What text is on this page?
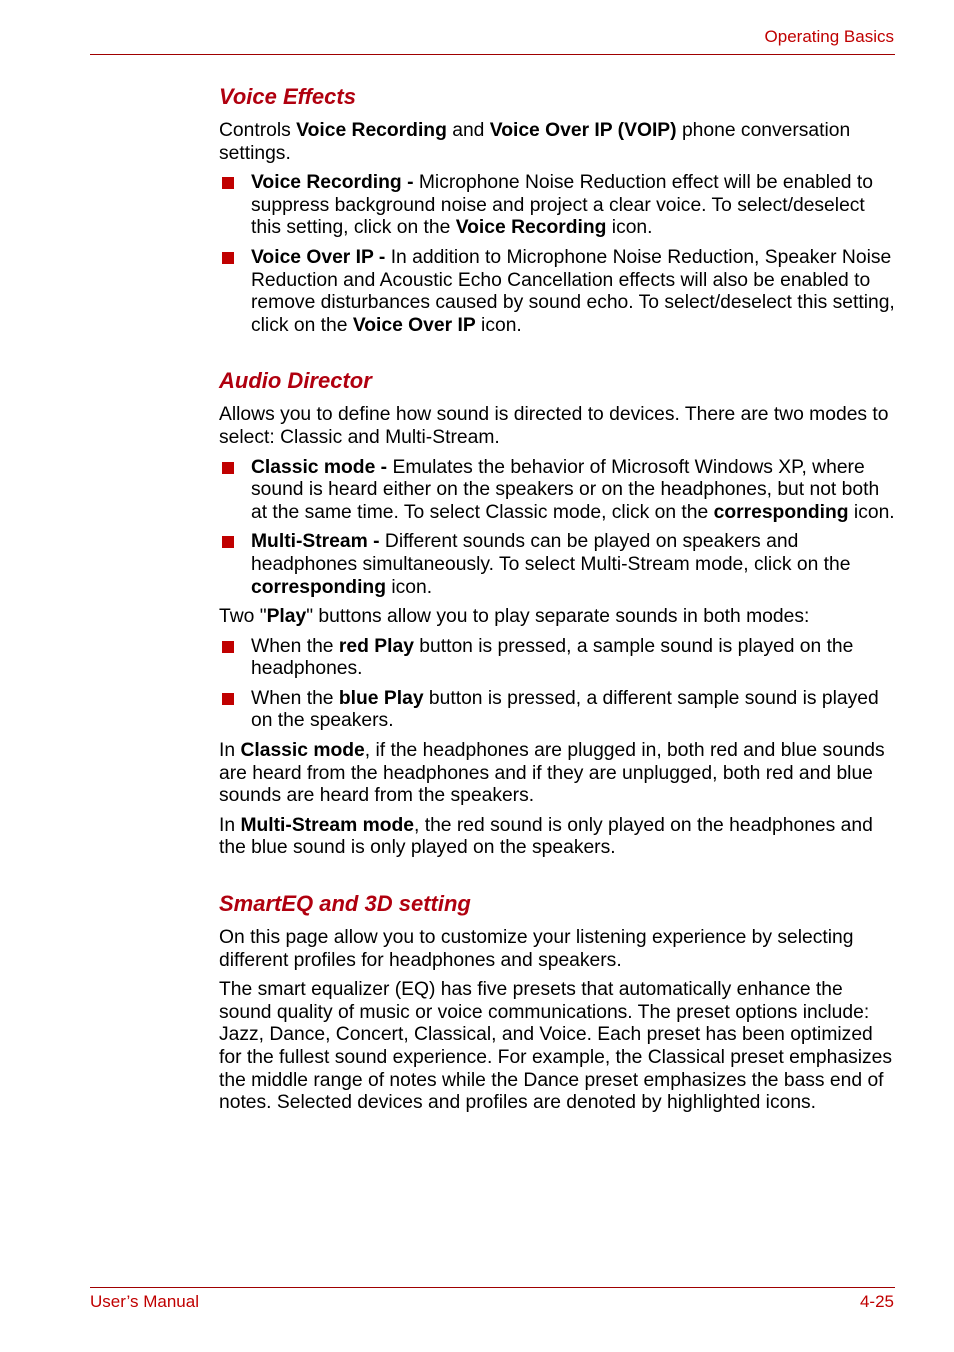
Operating Basics
Voice Effects

Controls Voice Recording and Voice Over IP (VOIP) phone conversation settings.

Voice Recording - Microphone Noise Reduction effect will be enabled to suppress background noise and project a clear voice. To select/deselect this setting, click on the Voice Recording icon.
Voice Over IP - In addition to Microphone Noise Reduction, Speaker Noise Reduction and Acoustic Echo Cancellation effects will also be enabled to remove disturbances caused by sound echo. To select/deselect this setting, click on the Voice Over IP icon.
Audio Director

Allows you to define how sound is directed to devices. There are two modes to select: Classic and Multi-Stream.

Classic mode - Emulates the behavior of Microsoft Windows XP, where sound is heard either on the speakers or on the headphones, but not both at the same time. To select Classic mode, click on the corresponding icon.
Multi-Stream - Different sounds can be played on speakers and headphones simultaneously. To select Multi-Stream mode, click on the corresponding icon.

Two "Play" buttons allow you to play separate sounds in both modes:

When the red Play button is pressed, a sample sound is played on the headphones.
When the blue Play button is pressed, a different sample sound is played on the speakers.

In Classic mode, if the headphones are plugged in, both red and blue sounds are heard from the headphones and if they are unplugged, both red and blue sounds are heard from the speakers.

In Multi-Stream mode, the red sound is only played on the headphones and the blue sound is only played on the speakers.

SmartEQ and 3D setting

On this page allow you to customize your listening experience by selecting different profiles for headphones and speakers.

The smart equalizer (EQ) has five presets that automatically enhance the sound quality of music or voice communications. The preset options include: Jazz, Dance, Concert, Classical, and Voice. Each preset has been optimized for the fullest sound experience. For example, the Classical preset emphasizes the middle range of notes while the Dance preset emphasizes the bass end of notes. Selected devices and profiles are denoted by highlighted icons.

User’s Manual	4-25
